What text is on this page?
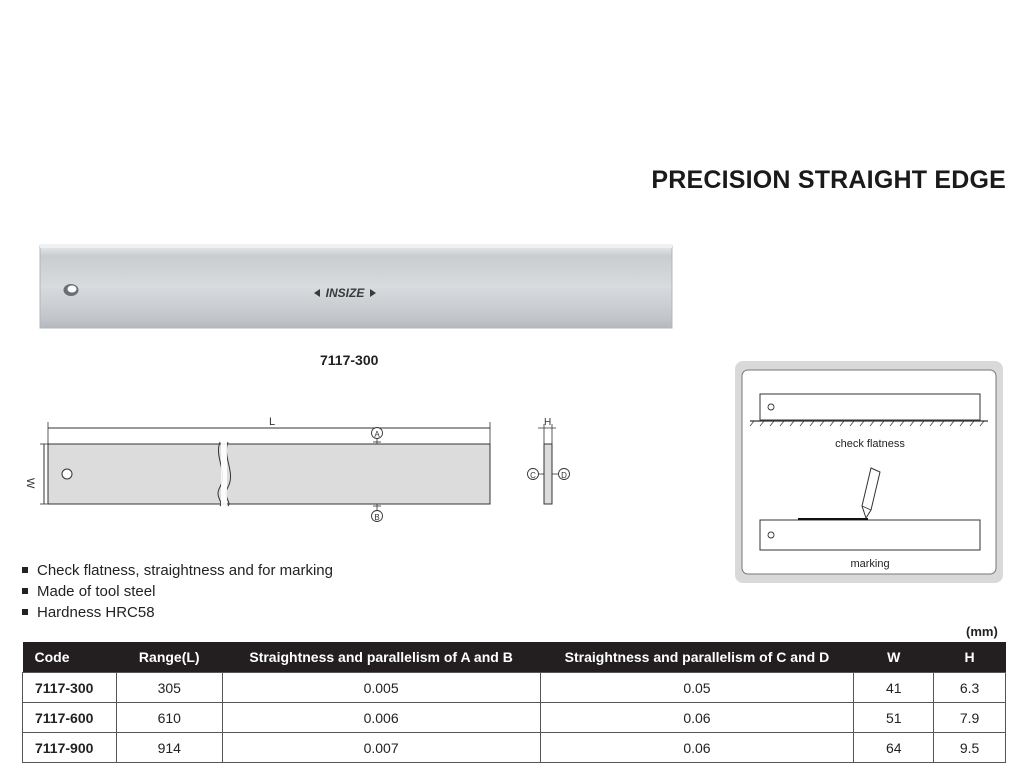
PRECISION STRAIGHT EDGE
INSIZE
7117-300
L
W
A
B
H
C	D
check flatness
marking
Check flatness, straightness and for marking
Made of tool steel
Hardness HRC58
(mm)
Code	Range(L)	Straightness and parallelism of A and B	Straightness and parallelism of C and D	W	H
7117-300	305	0.005	0.05	41	6.3
7117-600	610	0.006	0.06	51	7.9
7117-900	914	0.007	0.06	64	9.5
